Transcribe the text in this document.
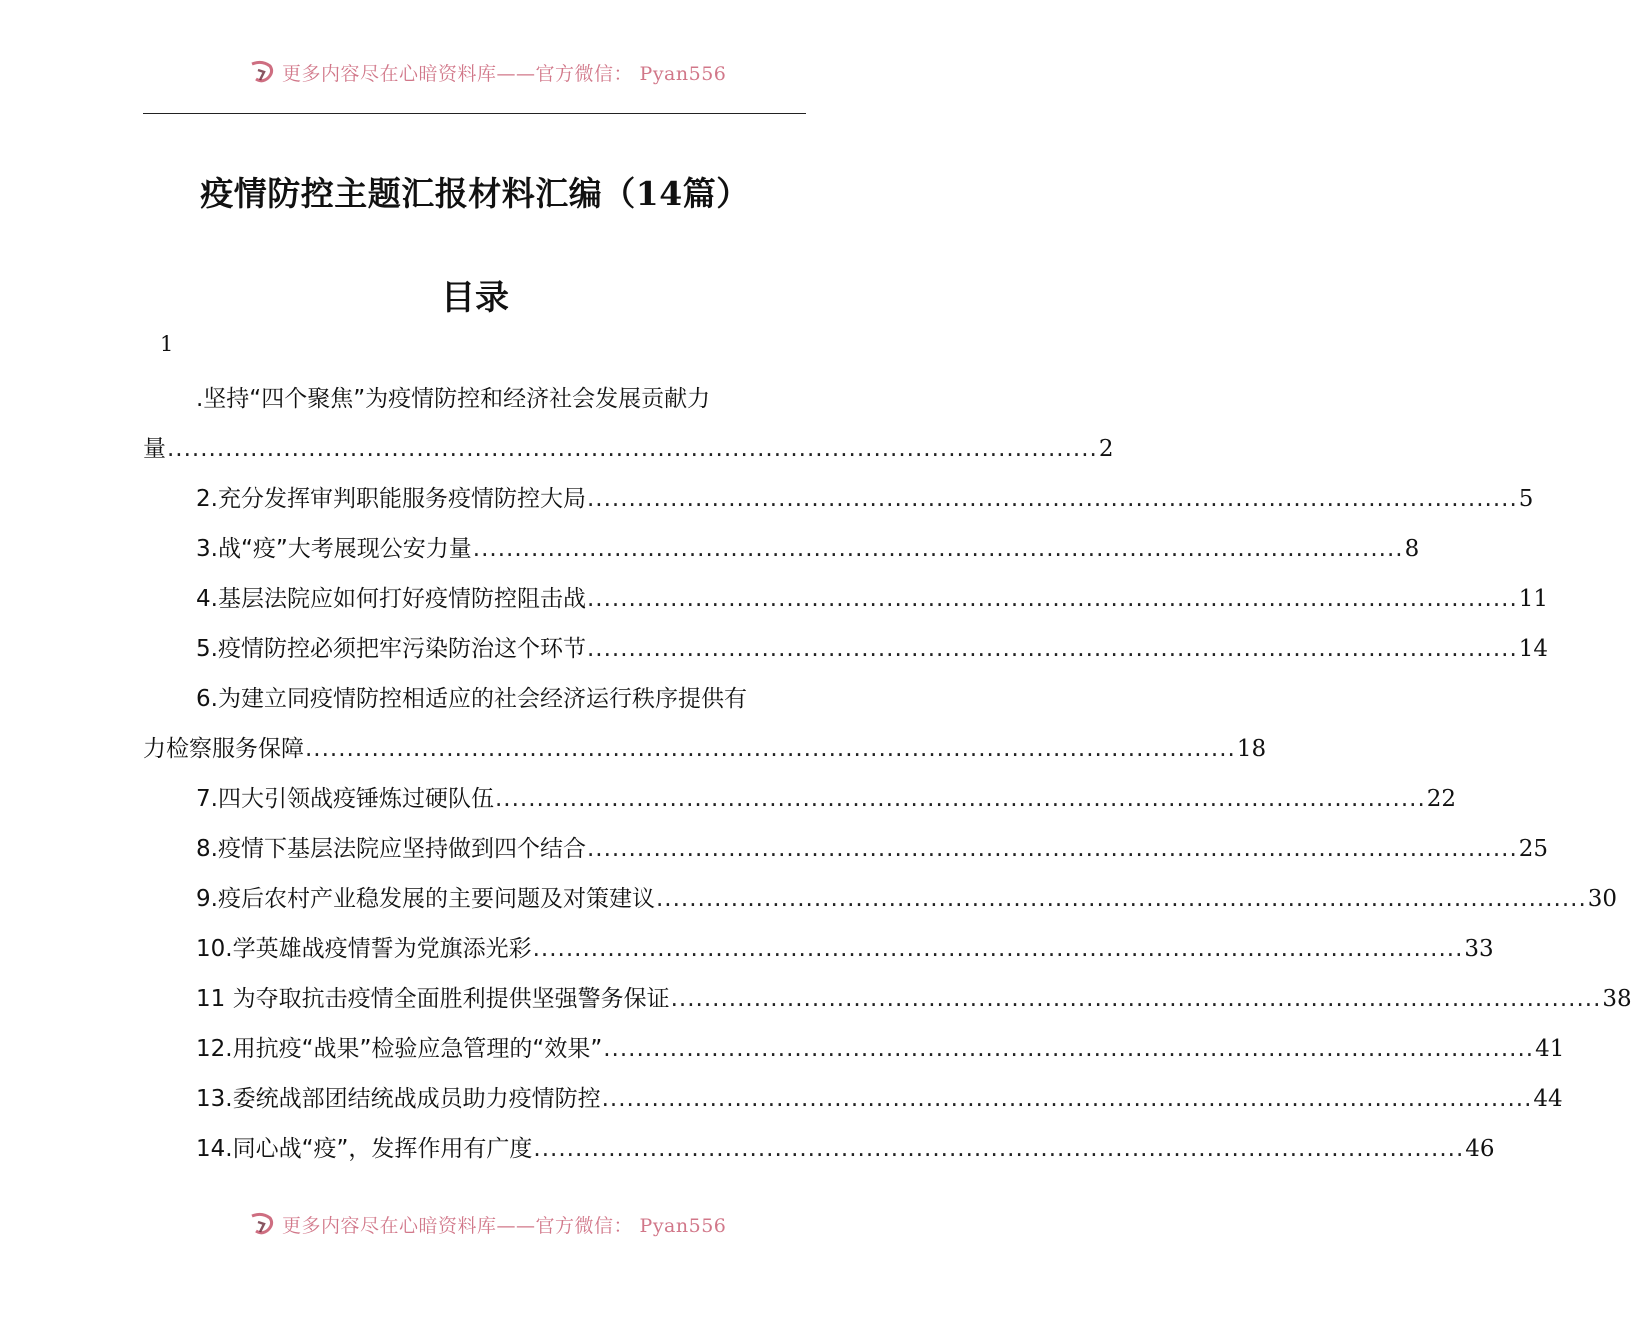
更多内容尽在心暗资料库——官方微信： Pyan556
疫情防控主题汇报材料汇编（14篇）
目录
1
.坚持“四个聚焦”为疫情防控和经济社会发展贡献力
量 ................................................................................................................ 2
2.充分发挥审判职能服务疫情防控大局 ................................................................................................................ 5
3.战“疫”大考展现公安力量 ................................................................................................................ 8
4.基层法院应如何打好疫情防控阻击战 ................................................................................................................ 11
5.疫情防控必须把牢污染防治这个环节 ................................................................................................................ 14
6.为建立同疫情防控相适应的社会经济运行秩序提供有
力检察服务保障 ................................................................................................................ 18
7.四大引领战疫锤炼过硬队伍 ................................................................................................................ 22
8.疫情下基层法院应坚持做到四个结合 ................................................................................................................ 25
9.疫后农村产业稳发展的主要问题及对策建议 ................................................................................................................ 30
10.学英雄战疫情誓为党旗添光彩 ................................................................................................................ 33
11 为夺取抗击疫情全面胜利提供坚强警务保证 ................................................................................................................ 38
12.用抗疫“战果”检验应急管理的“效果” ................................................................................................................ 41
13.委统战部团结统战成员助力疫情防控 ................................................................................................................ 44
14.同心战“疫”，发挥作用有广度 ................................................................................................................ 46
更多内容尽在心暗资料库——官方微信： Pyan556
